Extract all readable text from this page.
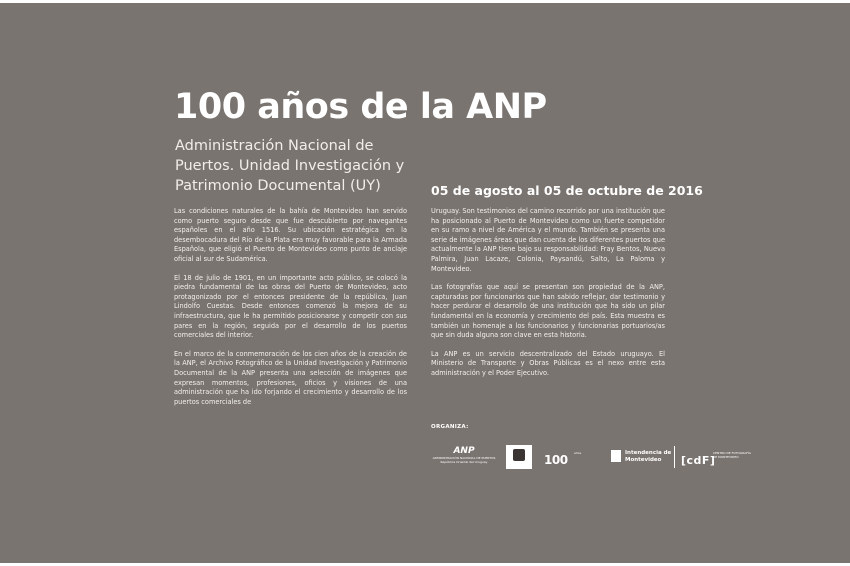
100 años de la ANP
Administración Nacional de Puertos. Unidad Investigación y Patrimonio Documental (UY)	05 de agosto al 05 de octubre de 2016

Las condiciones naturales de la bahía de Montevideo han servido como puerto seguro desde que fue descubierto por navegantes españoles en el año 1516. Su ubicación estratégica en la desembocadura del Río de la Plata era muy favorable para la Armada Española, que eligió el Puerto de Montevideo como punto de anclaje oficial al sur de Sudamérica.

El 18 de julio de 1901, en un importante acto público, se colocó la piedra fundamental de las obras del Puerto de Montevideo, acto protagonizado por el entonces presidente de la república, Juan Lindolfo Cuestas. Desde entonces comenzó la mejora de su infraestructura, que le ha permitido posicionarse y competir con sus pares en la región, seguida por el desarrollo de los puertos comerciales del interior.

En el marco de la conmemoración de los cien años de la creación de la ANP, el Archivo Fotográfico de la Unidad Investigación y Patrimonio Documental de la ANP presenta una selección de imágenes que expresan momentos, profesiones, oficios y visiones de una administración que ha ido forjando el crecimiento y desarrollo de los puertos comerciales de

Uruguay. Son testimonios del camino recorrido por una institución que ha posicionado al Puerto de Montevideo como un fuerte competidor en su ramo a nivel de América y el mundo. También se presenta una serie de imágenes áreas que dan cuenta de los diferentes puertos que actualmente la ANP tiene bajo su responsabilidad: Fray Bentos, Nueva Palmira, Juan Lacaze, Colonia, Paysandú, Salto, La Paloma y Montevideo.

Las fotografías que aquí se presentan son propiedad de la ANP, capturadas por funcionarios que han sabido reflejar, dar testimonio y hacer perdurar el desarrollo de una institución que ha sido un pilar fundamental en la economía y crecimiento del país. Esta muestra es también un homenaje a los funcionarios y funcionarias portuarios/as que sin duda alguna son clave en esta historia.

La ANP es un servicio descentralizado del Estado uruguayo. El Ministerio de Transporte y Obras Públicas es el nexo entre esta administración y el Poder Ejecutivo.

ORGANIZA:
ANP
ADMINISTRACIÓN NACIONAL DE PUERTOS República Oriental del Uruguay	100 años	Intendencia de Montevideo	[cdF]
CENTRO DE FOTOGRAFÍA DE MONTEVIDEO
